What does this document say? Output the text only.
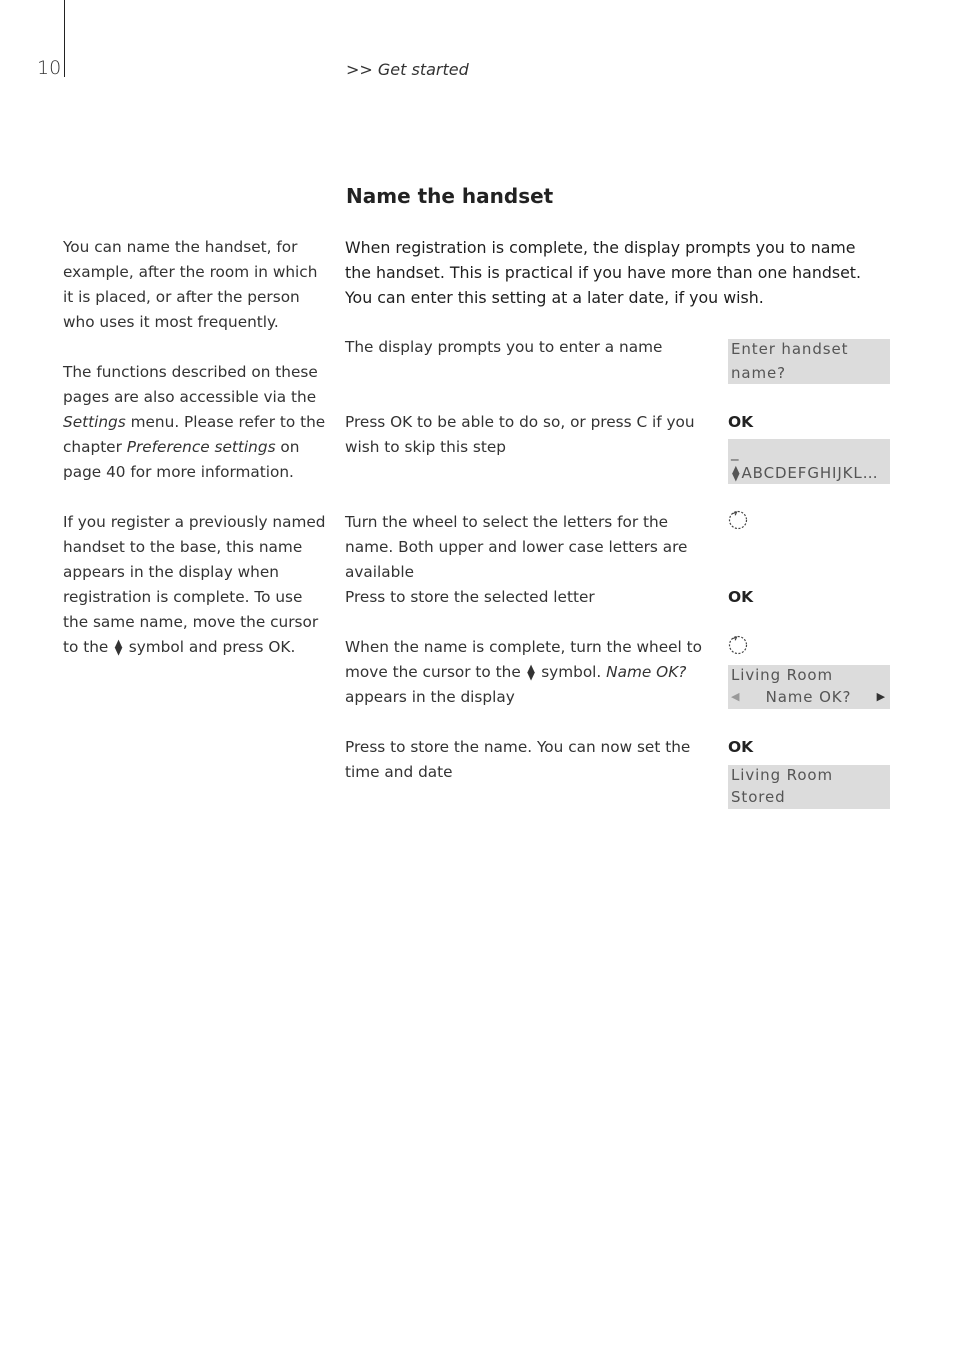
10	>> Get started
Name the handset

You can name the handset, for example, after the room in which it is placed, or after the person who uses it most frequently.

The functions described on these pages are also accessible via the Settings menu. Please refer to the chapter Preference settings on page 40 for more information.

If you register a previously named handset to the base, this name appears in the display when registration is complete. To use the same name, move the cursor to the ⧫ symbol and press OK.

When registration is complete, the display prompts you to name the handset. This is practical if you have more than one handset. You can enter this setting at a later date, if you wish.
The display prompts you to enter a name
Press OK to be able to do so, or press C if you wish to skip this step
Turn the wheel to select the letters for the name. Both upper and lower case letters are available
Press to store the selected letter
When the name is complete, turn the wheel to move the cursor to the ⧫ symbol. Name OK? appears in the display
Press to store the name. You can now set the time and date
Enter handset
name?
OK
_
⧫ABCDEFGHIJKL…
OK
Living Room
◀ Name OK? ▶
OK
Living Room
Stored
